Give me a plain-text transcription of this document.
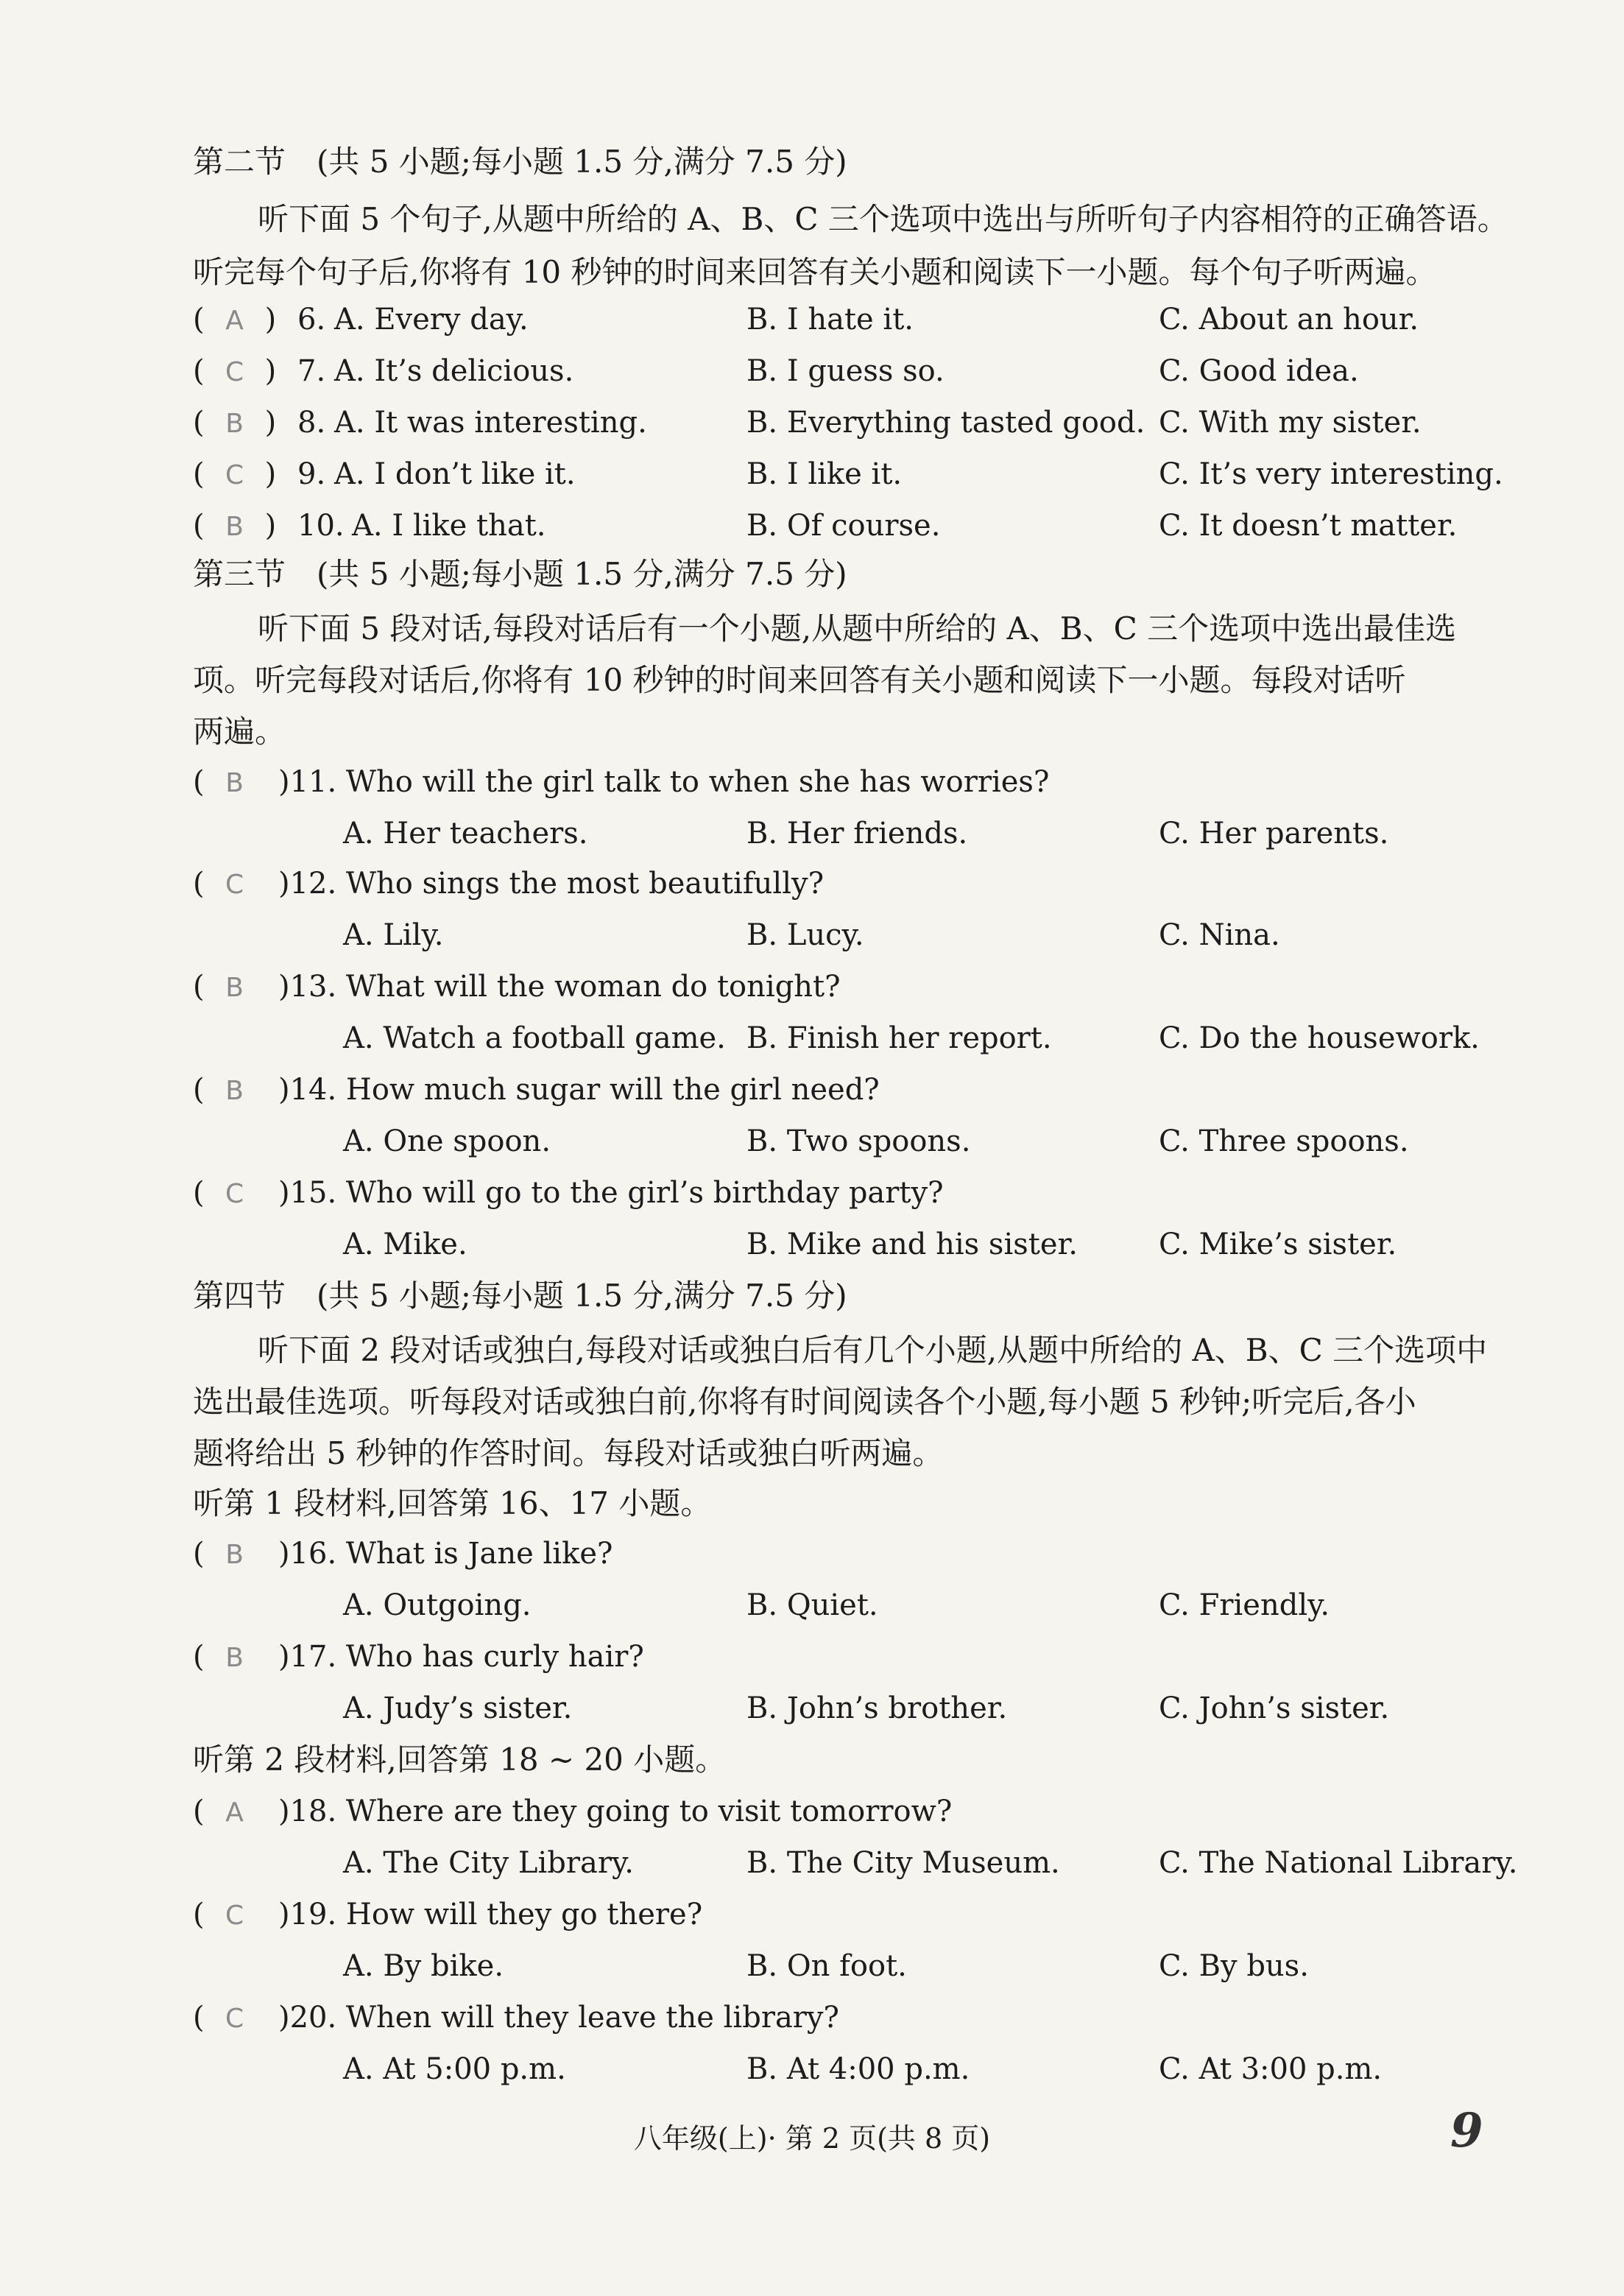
第二节　(共 5 小题;每小题 1.5 分,满分 7.5 分)
听下面 5 个句子,从题中所给的 A、B、C 三个选项中选出与所听句子内容相符的正确答语。
听完每个句子后,你将有 10 秒钟的时间来回答有关小题和阅读下一小题。每个句子听两遍。
( A ) 6. A. Every day.	B. I hate it.	C. About an hour.
( C ) 7. A. It’s delicious.	B. I guess so.	C. Good idea.
( B ) 8. A. It was interesting.	B. Everything tasted good. C. With my sister.
( C ) 9. A. I don’t like it.	B. I like it.	C. It’s very interesting.
( B ) 10. A. I like that.	B. Of course.	C. It doesn’t matter.
第三节　(共 5 小题;每小题 1.5 分,满分 7.5 分)
听下面 5 段对话,每段对话后有一个小题,从题中所给的 A、B、C 三个选项中选出最佳选
项。听完每段对话后,你将有 10 秒钟的时间来回答有关小题和阅读下一小题。每段对话听
两遍。
( B	)11. Who will the girl talk to when she has worries?
A. Her teachers.	B. Her friends.	C. Her parents.
( C	)12. Who sings the most beautifully?
A. Lily.	B. Lucy.	C. Nina.
( B	)13. What will the woman do tonight?
A. Watch a football game. B. Finish her report.	C. Do the housework.
( B	)14. How much sugar will the girl need?
A. One spoon.	B. Two spoons.	C. Three spoons.
( C	)15. Who will go to the girl’s birthday party?
A. Mike.	B. Mike and his sister.	C. Mike’s sister.
第四节　(共 5 小题;每小题 1.5 分,满分 7.5 分)
听下面 2 段对话或独白,每段对话或独白后有几个小题,从题中所给的 A、B、C 三个选项中
选出最佳选项。听每段对话或独白前,你将有时间阅读各个小题,每小题 5 秒钟;听完后,各小
题将给出 5 秒钟的作答时间。每段对话或独白听两遍。
听第 1 段材料,回答第 16、17 小题。
( B	)16. What is Jane like?
A. Outgoing.	B. Quiet.	C. Friendly.
( B	)17. Who has curly hair?
A. Judy’s sister.	B. John’s brother.	C. John’s sister.
听第 2 段材料,回答第 18 ~ 20 小题。
( A	)18. Where are they going to visit tomorrow?
A. The City Library.	B. The City Museum.	C. The National Library.
( C	)19. How will they go there?
A. By bike.	B. On foot.	C. By bus.
( C	)20. When will they leave the library?
A. At 5:00 p.m.	B. At 4:00 p.m.	C. At 3:00 p.m.
八年级(上)· 第 2 页(共 8 页)	9
